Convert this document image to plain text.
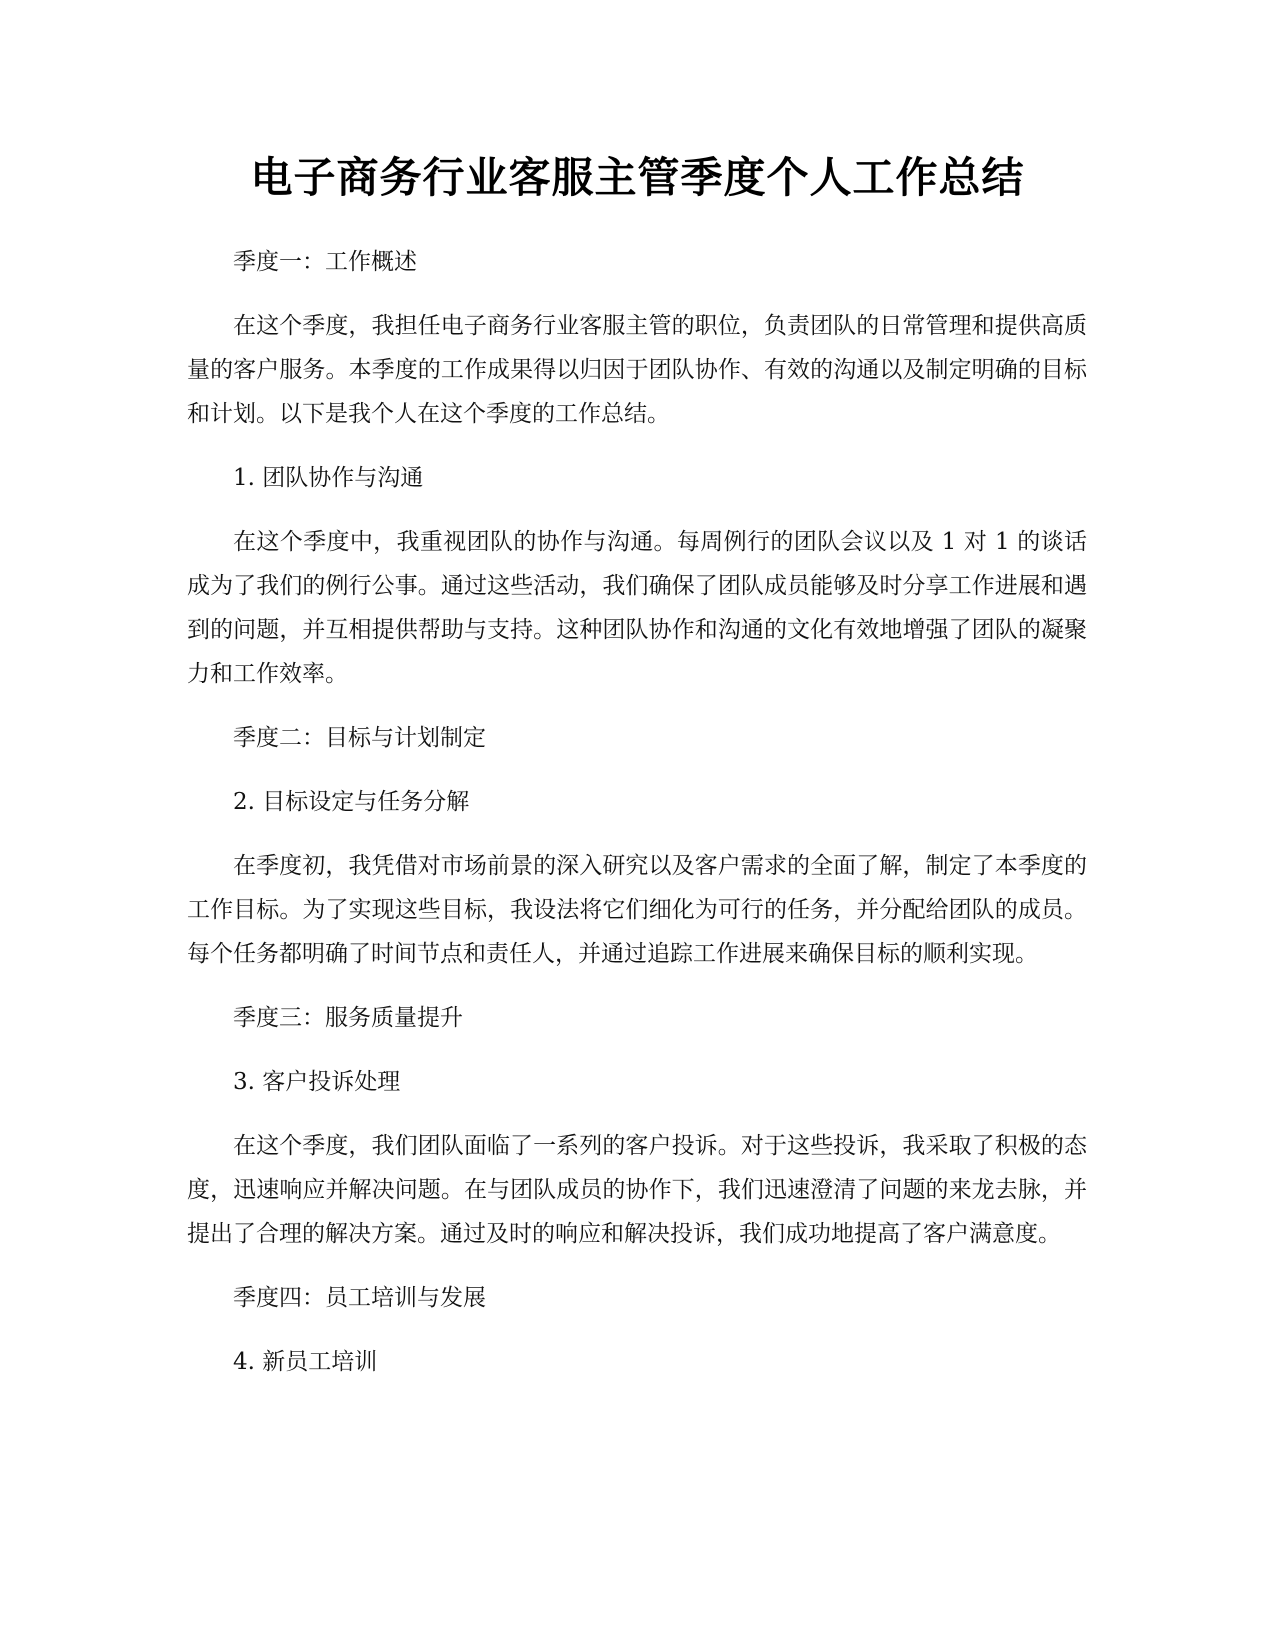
电子商务行业客服主管季度个人工作总结

季度一：工作概述

在这个季度，我担任电子商务行业客服主管的职位，负责团队的日常管理和提供高质量的客户服务。本季度的工作成果得以归因于团队协作、有效的沟通以及制定明确的目标和计划。以下是我个人在这个季度的工作总结。

1. 团队协作与沟通

在这个季度中，我重视团队的协作与沟通。每周例行的团队会议以及 1 对 1 的谈话成为了我们的例行公事。通过这些活动，我们确保了团队成员能够及时分享工作进展和遇到的问题，并互相提供帮助与支持。这种团队协作和沟通的文化有效地增强了团队的凝聚力和工作效率。

季度二：目标与计划制定

2. 目标设定与任务分解

在季度初，我凭借对市场前景的深入研究以及客户需求的全面了解，制定了本季度的工作目标。为了实现这些目标，我设法将它们细化为可行的任务，并分配给团队的成员。每个任务都明确了时间节点和责任人，并通过追踪工作进展来确保目标的顺利实现。

季度三：服务质量提升

3. 客户投诉处理

在这个季度，我们团队面临了一系列的客户投诉。对于这些投诉，我采取了积极的态度，迅速响应并解决问题。在与团队成员的协作下，我们迅速澄清了问题的来龙去脉，并提出了合理的解决方案。通过及时的响应和解决投诉，我们成功地提高了客户满意度。

季度四：员工培训与发展

4. 新员工培训
